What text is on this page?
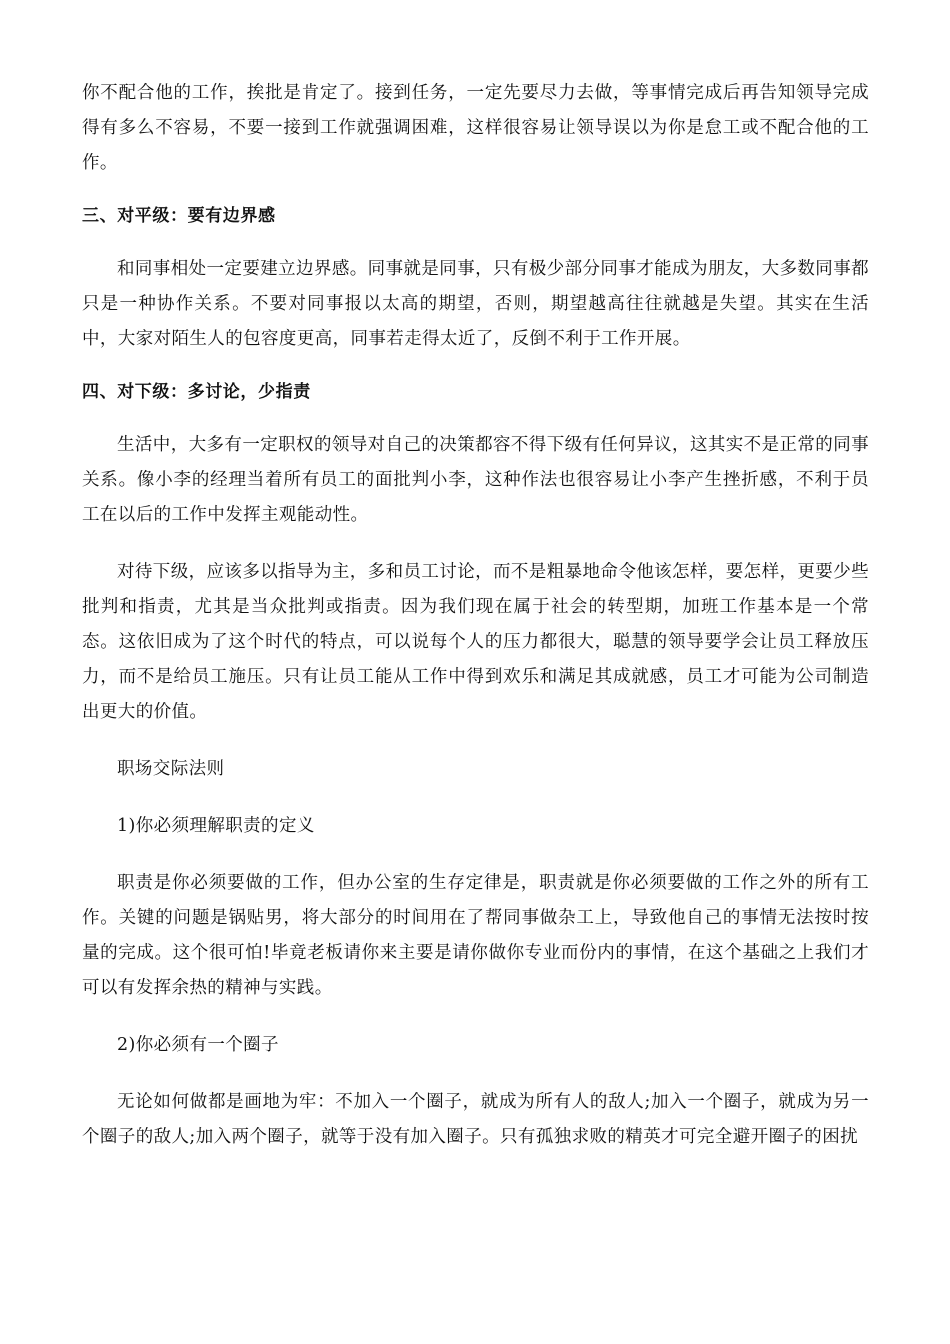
你不配合他的工作，挨批是肯定了。接到任务，一定先要尽力去做，等事情完成后再告知领导完成得有多么不容易，不要一接到工作就强调困难，这样很容易让领导误以为你是怠工或不配合他的工作。

三、对平级：要有边界感

和同事相处一定要建立边界感。同事就是同事，只有极少部分同事才能成为朋友，大多数同事都只是一种协作关系。不要对同事报以太高的期望，否则，期望越高往往就越是失望。其实在生活中，大家对陌生人的包容度更高，同事若走得太近了，反倒不利于工作开展。

四、对下级：多讨论，少指责

生活中，大多有一定职权的领导对自己的决策都容不得下级有任何异议，这其实不是正常的同事关系。像小李的经理当着所有员工的面批判小李，这种作法也很容易让小李产生挫折感，不利于员工在以后的工作中发挥主观能动性。

对待下级，应该多以指导为主，多和员工讨论，而不是粗暴地命令他该怎样，要怎样，更要少些批判和指责，尤其是当众批判或指责。因为我们现在属于社会的转型期，加班工作基本是一个常态。这依旧成为了这个时代的特点，可以说每个人的压力都很大，聪慧的领导要学会让员工释放压力，而不是给员工施压。只有让员工能从工作中得到欢乐和满足其成就感，员工才可能为公司制造出更大的价值。

职场交际法则

1)你必须理解职责的定义

职责是你必须要做的工作，但办公室的生存定律是，职责就是你必须要做的工作之外的所有工作。关键的问题是锅贴男，将大部分的时间用在了帮同事做杂工上，导致他自己的事情无法按时按量的完成。这个很可怕!毕竟老板请你来主要是请你做你专业而份内的事情，在这个基础之上我们才可以有发挥余热的精神与实践。

2)你必须有一个圈子

无论如何做都是画地为牢：不加入一个圈子，就成为所有人的敌人;加入一个圈子，就成为另一个圈子的敌人;加入两个圈子，就等于没有加入圈子。只有孤独求败的精英才可完全避开圈子的困扰
